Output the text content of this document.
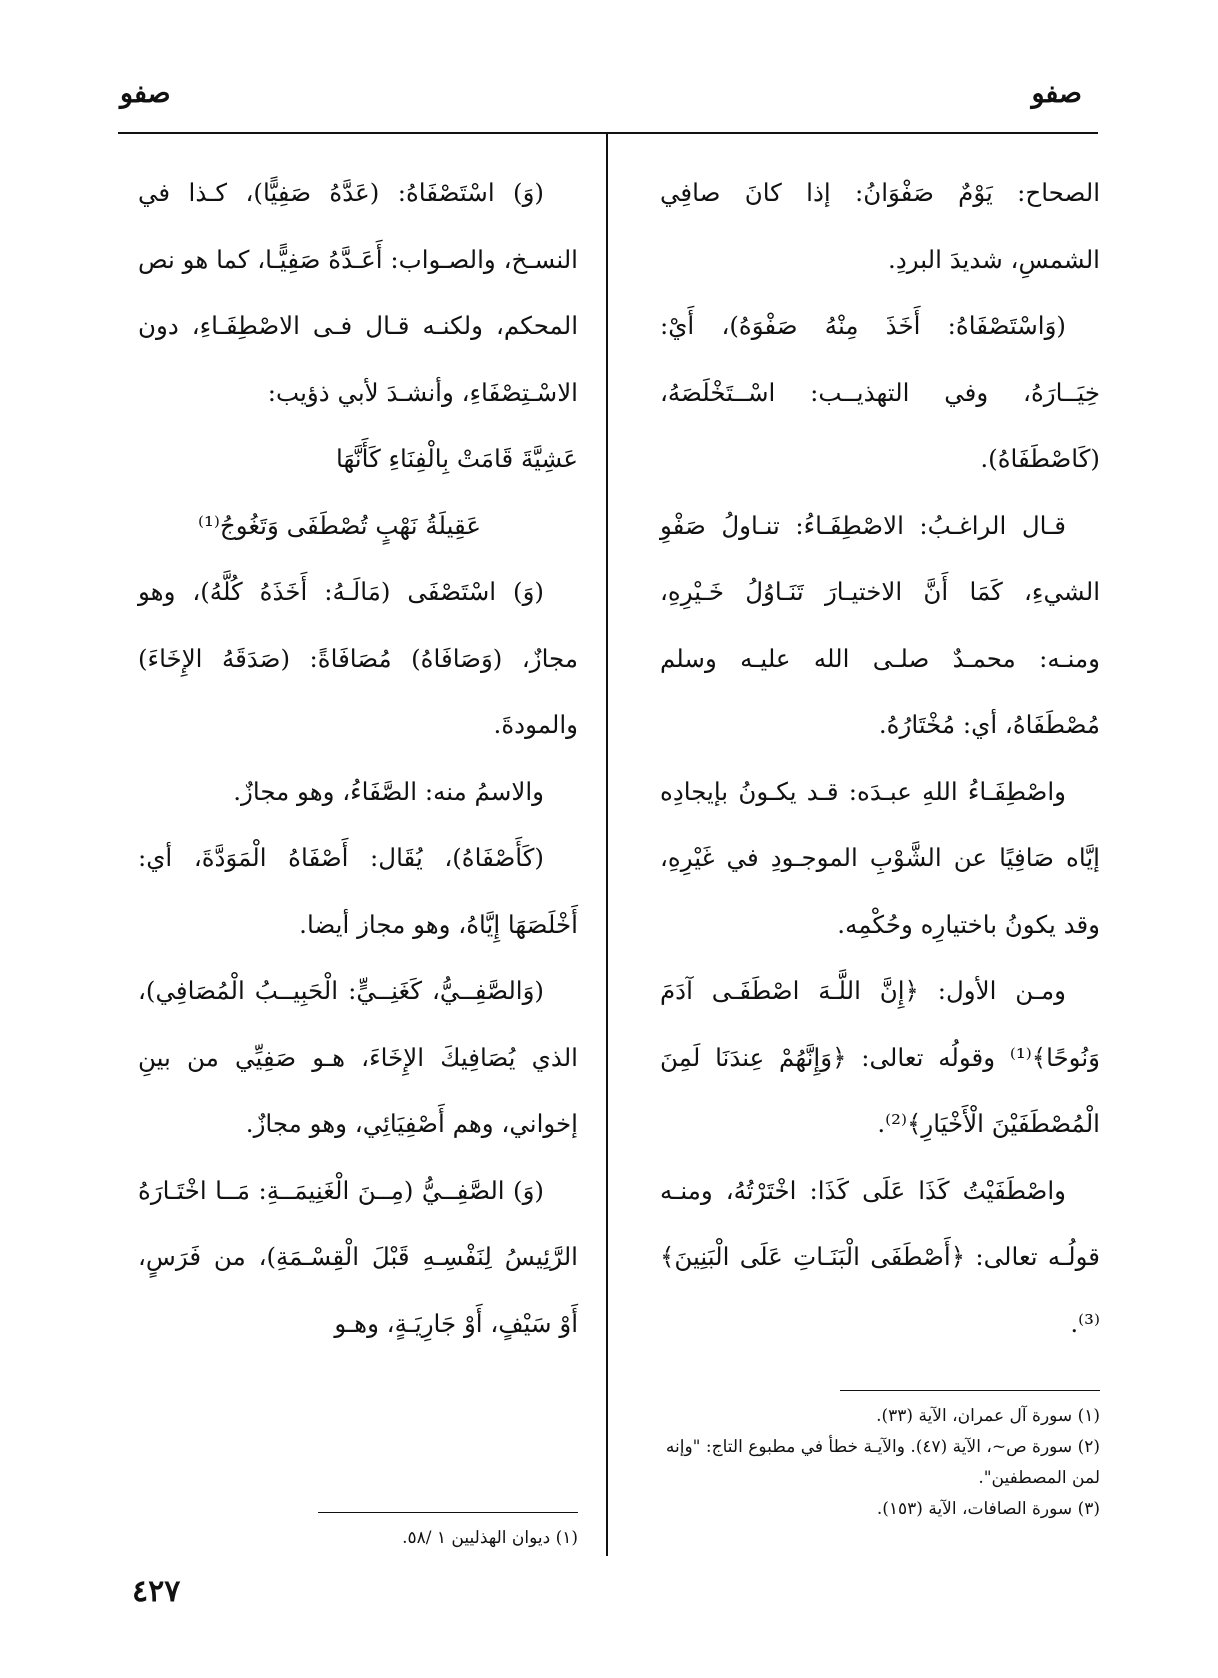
صفو
صفو

الصحاح: يَوْمٌ صَفْوَانُ: إذا كانَ صافِي الشمسِ، شديدَ البردِ.

(وَاسْتَصْفَاهُ: أَخَذَ مِنْهُ صَفْوَهُ)، أَيْ: خِيَــارَهُ، وفي التهذيــب: اسْــتَخْلَصَهُ، (كَاصْطَفَاهُ).

قـال الراغـبُ: الاصْطِفَـاءُ: تنـاولُ صَفْوِ الشيءِ، كَمَا أَنَّ الاختيـارَ تَنَـاوُلُ خَـيْرِهِ، ومنـه: محمـدٌ صلـى الله عليـه وسلم مُصْطَفَاهُ، أي: مُخْتَارُهُ.

واصْطِفَـاءُ اللهِ عبـدَه: قـد يكـونُ بإيجادِه إيَّاه صَافِيًا عن الشَّوْبِ الموجـودِ في غَيْرِهِ، وقد يكونُ باختيارِه وحُكْمِه.

ومـن الأول: ﴿إِنَّ اللَّـهَ اصْطَفَـى آدَمَ وَنُوحًا﴾⁽¹⁾ وقولُه تعالى: ﴿وَإِنَّهُمْ عِندَنَا لَمِنَ الْمُصْطَفَيْنَ الْأَخْيَارِ﴾⁽²⁾.

واصْطَفَيْتُ كَذَا عَلَى كَذَا: اخْتَرْتُهُ، ومنـه قولُـه تعالى: ﴿أَصْطَفَى الْبَنَـاتِ عَلَى الْبَنِينَ﴾⁽³⁾.

(١) سورة آل عمران، الآية (٣٣).

(٢) سورة ص~، الآية (٤٧). والآيـة خطأ في مطبوع التاج: "وإنه لمن المصطفين".

(٣) سورة الصافات، الآية (١٥٣).

(وَ) اسْتَصْفَاهُ: (عَدَّهُ صَفِيًّا)، كـذا في النسـخ، والصـواب: أَعَـدَّهُ صَفِيًّـا، كما هو نص المحكم، ولكنـه قـال فـى الاصْطِفَـاءِ، دون الاسْـتِصْفَاءِ، وأنشـدَ لأبي ذؤيب:

عَشِيَّةَ قَامَتْ بِالْفِنَاءِ كَأَنَّهَا

عَقِيلَةُ نَهْبٍ تُصْطَفَى وَتَغُوجُ⁽¹⁾

(وَ) اسْتَصْفَى (مَالَـهُ: أَخَذَهُ كُلَّهُ)، وهو مجازٌ، (وَصَافَاهُ) مُصَافَاةً: (صَدَقَهُ الإِخَاءَ) والمودةَ.

والاسمُ منه: الصَّفَاءُ، وهو مجازٌ.

(كَأَصْفَاهُ)، يُقَال: أَصْفَاهُ الْمَوَدَّةَ، أي: أَخْلَصَهَا إِيَّاهُ، وهو مجاز أيضا.

(وَالصَّفِــيُّ، كَغَنِــيٍّ: الْحَبِيــبُ الْمُصَافِي)، الذي يُصَافِيكَ الإِخَاءَ، هـو صَفِيِّي من بينِ إخواني، وهم أَصْفِيَائِي، وهو مجازٌ.

(وَ) الصَّفِــيُّ (مِــنَ الْغَنِيمَــةِ: مَــا اخْتَـارَهُ الرَّئِيسُ لِنَفْسِـهِ قَبْلَ الْقِسْـمَةِ)، من فَرَسٍ، أَوْ سَيْفٍ، أَوْ جَارِيَـةٍ، وهـو

(١) ديوان الهذليين ١ /٥٨.

٤٢٧
